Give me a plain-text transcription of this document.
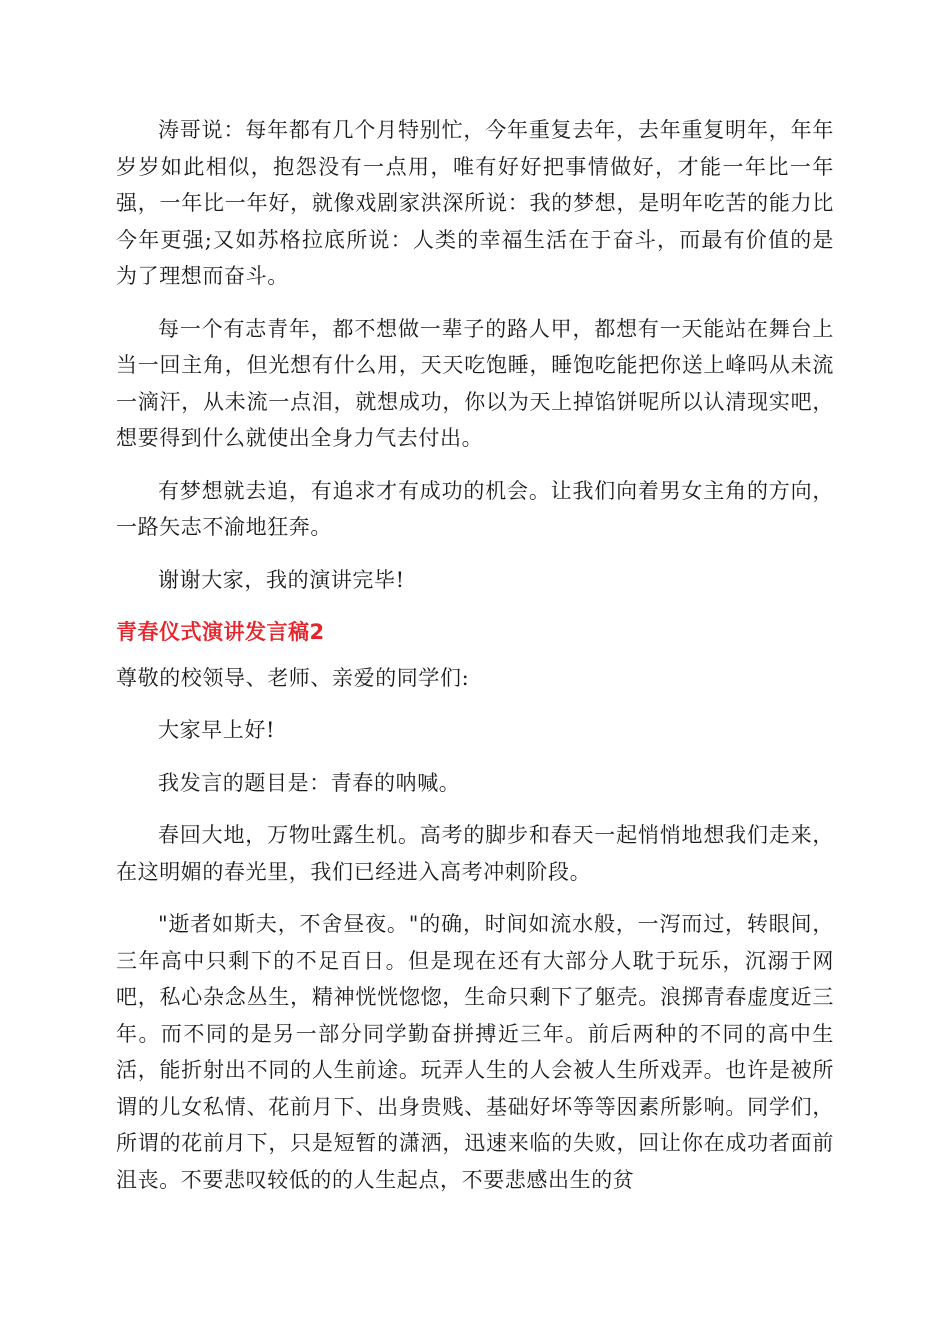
涛哥说：每年都有几个月特别忙，今年重复去年，去年重复明年，年年岁岁如此相似，抱怨没有一点用，唯有好好把事情做好，才能一年比一年强，一年比一年好，就像戏剧家洪深所说：我的梦想，是明年吃苦的能力比今年更强;又如苏格拉底所说：人类的幸福生活在于奋斗，而最有价值的是为了理想而奋斗。

每一个有志青年，都不想做一辈子的路人甲，都想有一天能站在舞台上当一回主角，但光想有什么用，天天吃饱睡，睡饱吃能把你送上峰吗从未流一滴汗，从未流一点泪，就想成功，你以为天上掉馅饼呢所以认清现实吧，想要得到什么就使出全身力气去付出。

有梦想就去追，有追求才有成功的机会。让我们向着男女主角的方向，一路矢志不渝地狂奔。

谢谢大家，我的演讲完毕!

青春仪式演讲发言稿2

尊敬的校领导、老师、亲爱的同学们:

大家早上好!

我发言的题目是：青春的呐喊。

春回大地，万物吐露生机。高考的脚步和春天一起悄悄地想我们走来，在这明媚的春光里，我们已经进入高考冲刺阶段。

"逝者如斯夫，不舍昼夜。"的确，时间如流水般，一泻而过，转眼间，三年高中只剩下的不足百日。但是现在还有大部分人耽于玩乐，沉溺于网吧，私心杂念丛生，精神恍恍惚惚，生命只剩下了躯壳。浪掷青春虚度近三年。而不同的是另一部分同学勤奋拼搏近三年。前后两种的不同的高中生活，能折射出不同的人生前途。玩弄人生的人会被人生所戏弄。也许是被所谓的儿女私情、花前月下、出身贵贱、基础好坏等等因素所影响。同学们，所谓的花前月下，只是短暂的潇洒，迅速来临的失败，回让你在成功者面前沮丧。不要悲叹较低的的人生起点，不要悲感出生的贫
